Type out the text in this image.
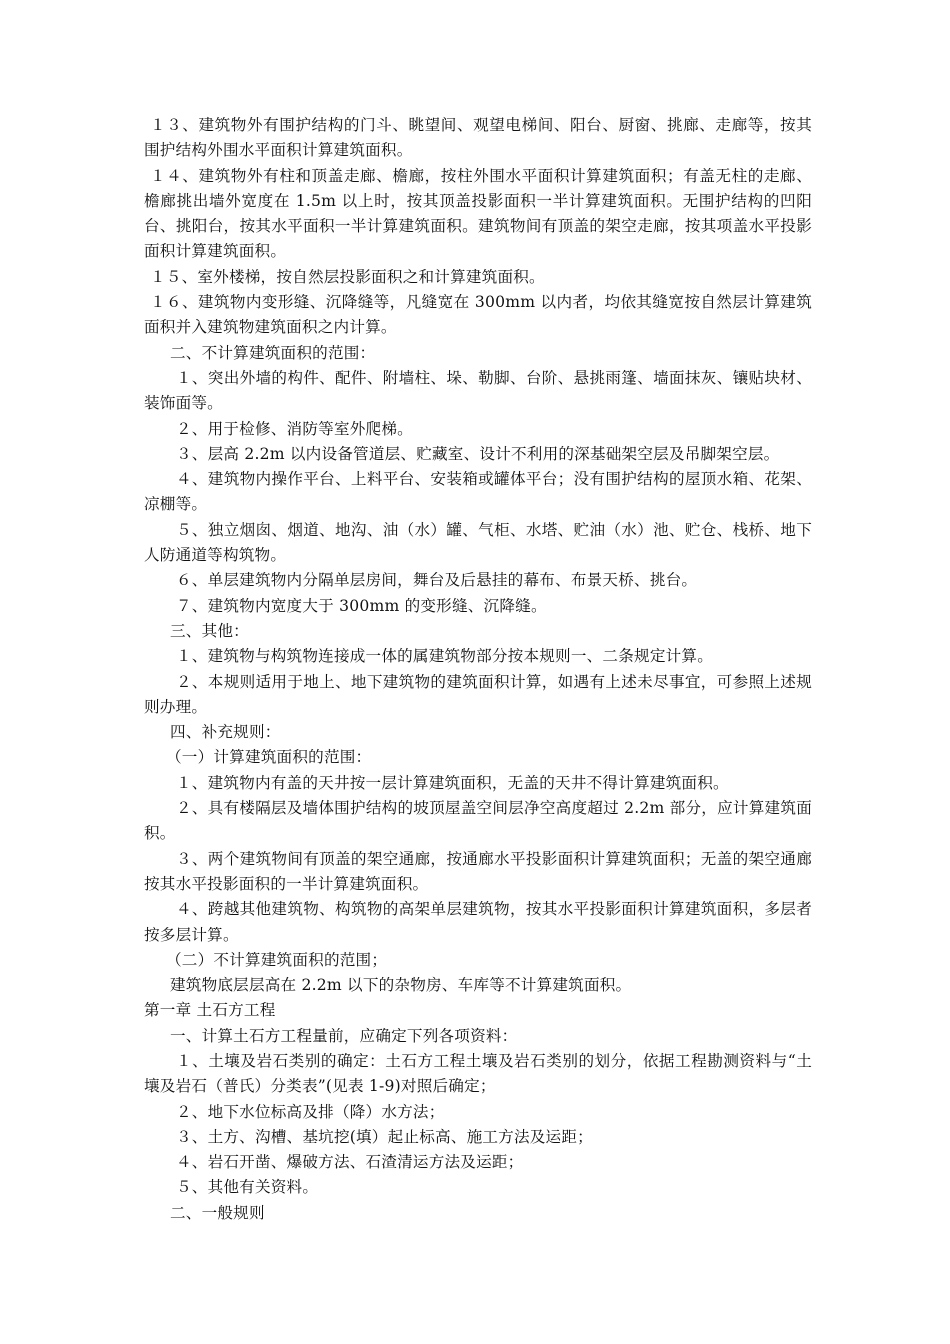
１３、建筑物外有围护结构的门斗、眺望间、观望电梯间、阳台、厨窗、挑廊、走廊等，按其围护结构外围水平面积计算建筑面积。

１４、建筑物外有柱和顶盖走廊、檐廊，按柱外围水平面积计算建筑面积；有盖无柱的走廊、檐廊挑出墙外宽度在 1.5m 以上时，按其顶盖投影面积一半计算建筑面积。无围护结构的凹阳台、挑阳台，按其水平面积一半计算建筑面积。建筑物间有顶盖的架空走廊，按其项盖水平投影面积计算建筑面积。

１５、室外楼梯，按自然层投影面积之和计算建筑面积。

１６、建筑物内变形缝、沉降缝等，凡缝宽在 300mm 以内者，均依其缝宽按自然层计算建筑面积并入建筑物建筑面积之内计算。

二、不计算建筑面积的范围：

１、突出外墙的构件、配件、附墙柱、垛、勒脚、台阶、悬挑雨篷、墙面抹灰、镶贴块材、装饰面等。

２、用于检修、消防等室外爬梯。

３、层高 2.2m 以内设备管道层、贮藏室、设计不利用的深基础架空层及吊脚架空层。

４、建筑物内操作平台、上料平台、安装箱或罐体平台；没有围护结构的屋顶水箱、花架、凉棚等。

５、独立烟囱、烟道、地沟、油（水）罐、气柜、水塔、贮油（水）池、贮仓、栈桥、地下人防通道等构筑物。

６、单层建筑物内分隔单层房间，舞台及后悬挂的幕布、布景天桥、挑台。

７、建筑物内宽度大于 300mm 的变形缝、沉降缝。

三、其他：

１、建筑物与构筑物连接成一体的属建筑物部分按本规则一、二条规定计算。

２、本规则适用于地上、地下建筑物的建筑面积计算，如遇有上述未尽事宜，可参照上述规则办理。

四、补充规则：

（一）计算建筑面积的范围：

１、建筑物内有盖的天井按一层计算建筑面积，无盖的天井不得计算建筑面积。

２、具有楼隔层及墙体围护结构的坡顶屋盖空间层净空高度超过 2.2m 部分，应计算建筑面积。

３、两个建筑物间有顶盖的架空通廊，按通廊水平投影面积计算建筑面积；无盖的架空通廊按其水平投影面积的一半计算建筑面积。

４、跨越其他建筑物、构筑物的高架单层建筑物，按其水平投影面积计算建筑面积，多层者按多层计算。

（二）不计算建筑面积的范围；

建筑物底层层高在 2.2m 以下的杂物房、车库等不计算建筑面积。

第一章 土石方工程

一、计算土石方工程量前，应确定下列各项资料：

１、土壤及岩石类别的确定：土石方工程土壤及岩石类别的划分，依据工程勘测资料与“土壤及岩石（普氏）分类表”(见表 1-9)对照后确定；

２、地下水位标高及排（降）水方法；

３、土方、沟槽、基坑挖(填）起止标高、施工方法及运距；

４、岩石开凿、爆破方法、石渣清运方法及运距；

５、其他有关资料。

二、一般规则
